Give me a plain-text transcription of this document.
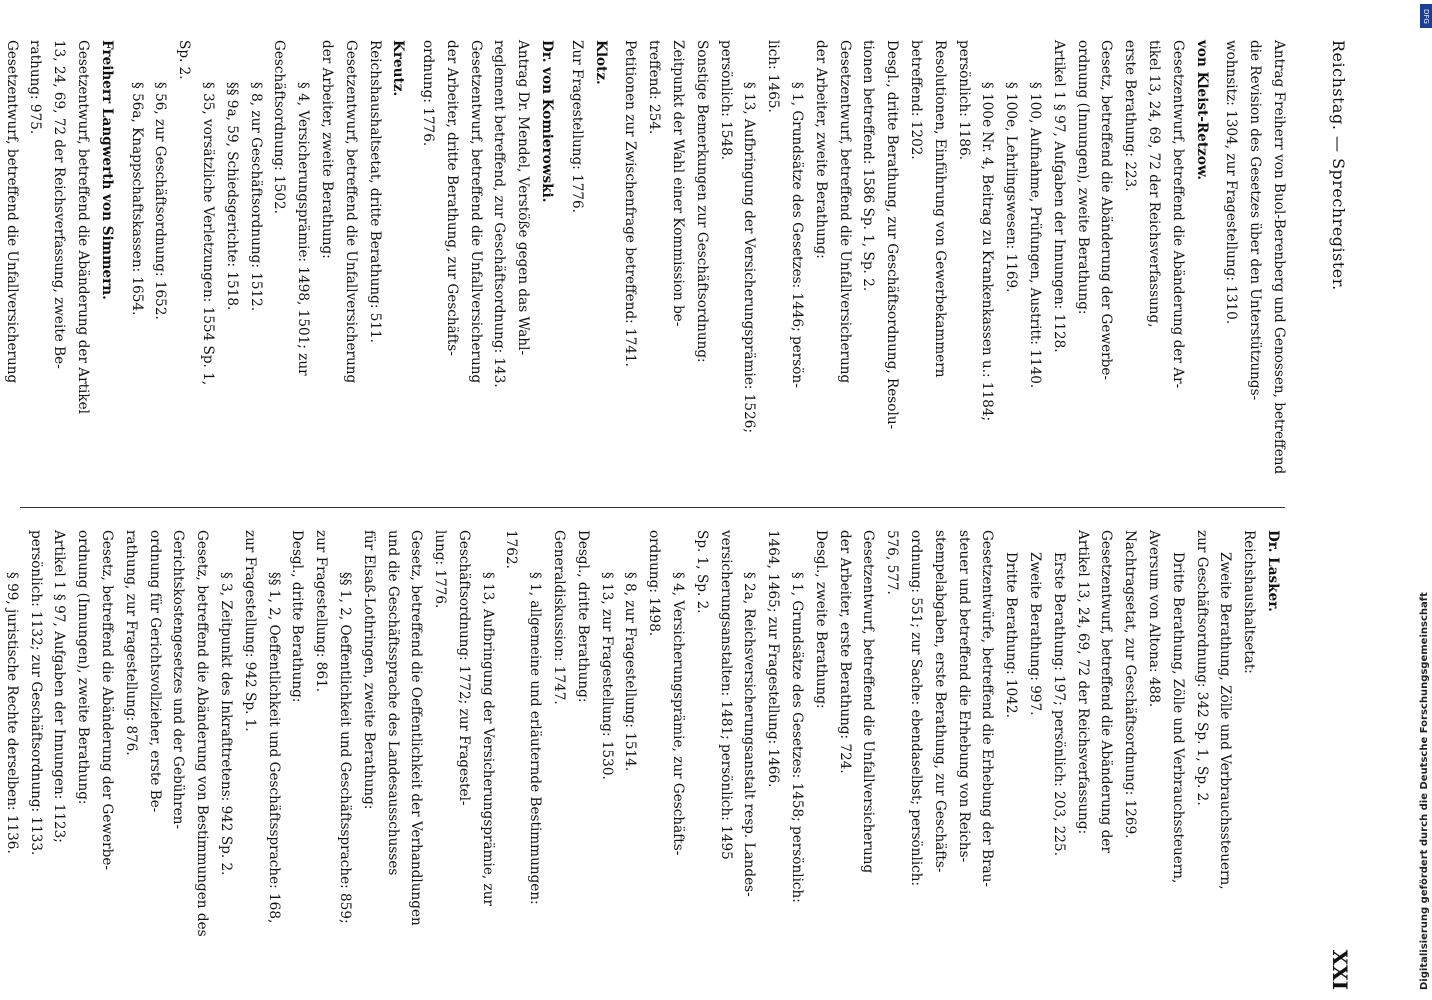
Reichstag. — Sprechregister.
XXI
Antrag Freiherr von Buol-Berenberg und Genossen, betreffend
die Revision des Gesetzes über den Unterstützungs-
wohnsitz: 1304, zur Fragestellung: 1310.
von Kleist-Retzow.
Gesetzentwurf, betreffend die Abänderung der Ar-
tikel 13, 24, 69, 72 der Reichsverfassung,
erste Berathung: 223.
Gesetz, betreffend die Abänderung der Gewerbe-
ordnung (Innungen), zweite Berathung:
Artikel 1 § 97, Aufgaben der Innungen: 1128.
§ 100, Aufnahme, Prüfungen, Austritt: 1140.
§ 100e, Lehrlingswesen: 1169.
§ 100e Nr. 4, Beitrag zu Krankenkassen u.: 1184;
persönlich: 1186.
Resolutionen, Einführung von Gewerbekammern
betreffend: 1202.
Desgl., dritte Berathung, zur Geschäftsordnung, Resolu-
tionen betreffend: 1586 Sp. 1, Sp. 2.
Gesetzentwurf, betreffend die Unfallversicherung
der Arbeiter, zweite Berathung:
§ 1, Grundsätze des Gesetzes: 1446; persön-
lich: 1465.
§ 13, Aufbringung der Versicherungsprämie: 1526;
persönlich: 1548.
Sonstige Bemerkungen zur Geschäftsordnung:
Zeitpunkt der Wahl einer Kommission be-
treffend: 254.
Petitionen zur Zwischenfrage betreffend: 1741.
Klotz.
Zur Fragestellung: 1776.
Dr. von Komierowski.
Antrag Dr. Mendel, Verstöße gegen das Wahl-
reglement betreffend, zur Geschäftsordnung: 143.
Gesetzentwurf, betreffend die Unfallversicherung
der Arbeiter, dritte Berathung, zur Geschäfts-
ordnung: 1776.
Kreutz.
Reichshaushaltsetat, dritte Berathung: 511.
Gesetzentwurf, betreffend die Unfallversicherung
der Arbeiter, zweite Berathung:
§ 4, Versicherungsprämie: 1498, 1501; zur
Geschäftsordnung: 1502.
§ 8, zur Geschäftsordnung: 1512.
§§ 9a, 59, Schiedsgerichte: 1518.
§ 35, vorsätzliche Verletzungen: 1554 Sp. 1,
Sp. 2.
§ 56, zur Geschäftsordnung: 1652.
§ 56a, Knappschaftskassen: 1654.
Freiherr Langwerth von Simmern.
Gesetzentwurf, betreffend die Abänderung der Artikel
13, 24, 69, 72 der Reichsverfassung, zweite Be-
rathung: 975.
Gesetzentwurf, betreffend die Unfallversicherung
Dr. Lasker.
Reichshaushaltsetat:
Zweite Berathung, Zölle und Verbrauchssteuern,
zur Geschäftsordnung: 342 Sp. 1, Sp. 2.
Dritte Berathung, Zölle und Verbrauchssteuern,
Aversum von Altona: 488.
Nachtragsetat, zur Geschäftsordnung: 1269.
Gesetzentwurf, betreffend die Abänderung der
Artikel 13, 24, 69, 72 der Reichsverfassung:
Erste Berathung: 197; persönlich: 203, 225.
Zweite Berathung: 997.
Dritte Berathung: 1042.
Gesetzentwürfe, betreffend die Erhebung der Brau-
steuer und betreffend die Erhebung von Reichs-
stempelabgaben, erste Berathung, zur Geschäfts-
ordnung: 551; zur Sache: ebendaselbst; persönlich:
576, 577.
Gesetzentwurf, betreffend die Unfallversicherung
der Arbeiter, erste Berathung: 724.
Desgl., zweite Berathung:
§ 1, Grundsätze des Gesetzes: 1458; persönlich:
1464, 1465; zur Fragestellung: 1466.
§ 2a, Reichsversicherungsanstalt resp. Landes-
versicherungsanstalten: 1481; persönlich: 1495
Sp. 1, Sp. 2.
§ 4, Versicherungsprämie, zur Geschäfts-
ordnung: 1498.
§ 8, zur Fragestellung: 1514.
§ 13, zur Fragestellung: 1530.
Desgl., dritte Berathung:
Generaldiskussion: 1747.
§ 1, allgemeine und erläuternde Bestimmungen:
1762.
§ 13, Aufbringung der Versicherungsprämie, zur
Geschäftsordnung: 1772; zur Fragestel-
lung: 1776.
Gesetz, betreffend die Oeffentlichkeit der Verhandlungen
und die Geschäftssprache des Landesausschusses
für Elsaß-Lothringen, zweite Berathung:
§§ 1, 2, Oeffentlichkeit und Geschäftssprache: 859;
zur Fragestellung: 861.
Desgl., dritte Berathung:
§§ 1, 2, Oeffentlichkeit und Geschäftssprache: 168,
zur Fragestellung: 942 Sp. 1.
§ 3, Zeitpunkt des Inkrafttretens: 942 Sp. 2.
Gesetz, betreffend die Abänderung von Bestimmungen des
Gerichtskostengesetzes und der Gebühren-
ordnung für Gerichtsvollzieher, erste Be-
rathung, zur Fragestellung: 876.
Gesetz, betreffend die Abänderung der Gewerbe-
ordnung (Innungen), zweite Berathung:
Artikel 1 § 97, Aufgaben der Innungen: 1123;
persönlich: 1132; zur Geschäftsordnung: 1133.
§ 99, juristische Rechte derselben: 1136.	Digitalisierung gefördert durch die Deutsche Forschungsgemeinschaft
DFG
